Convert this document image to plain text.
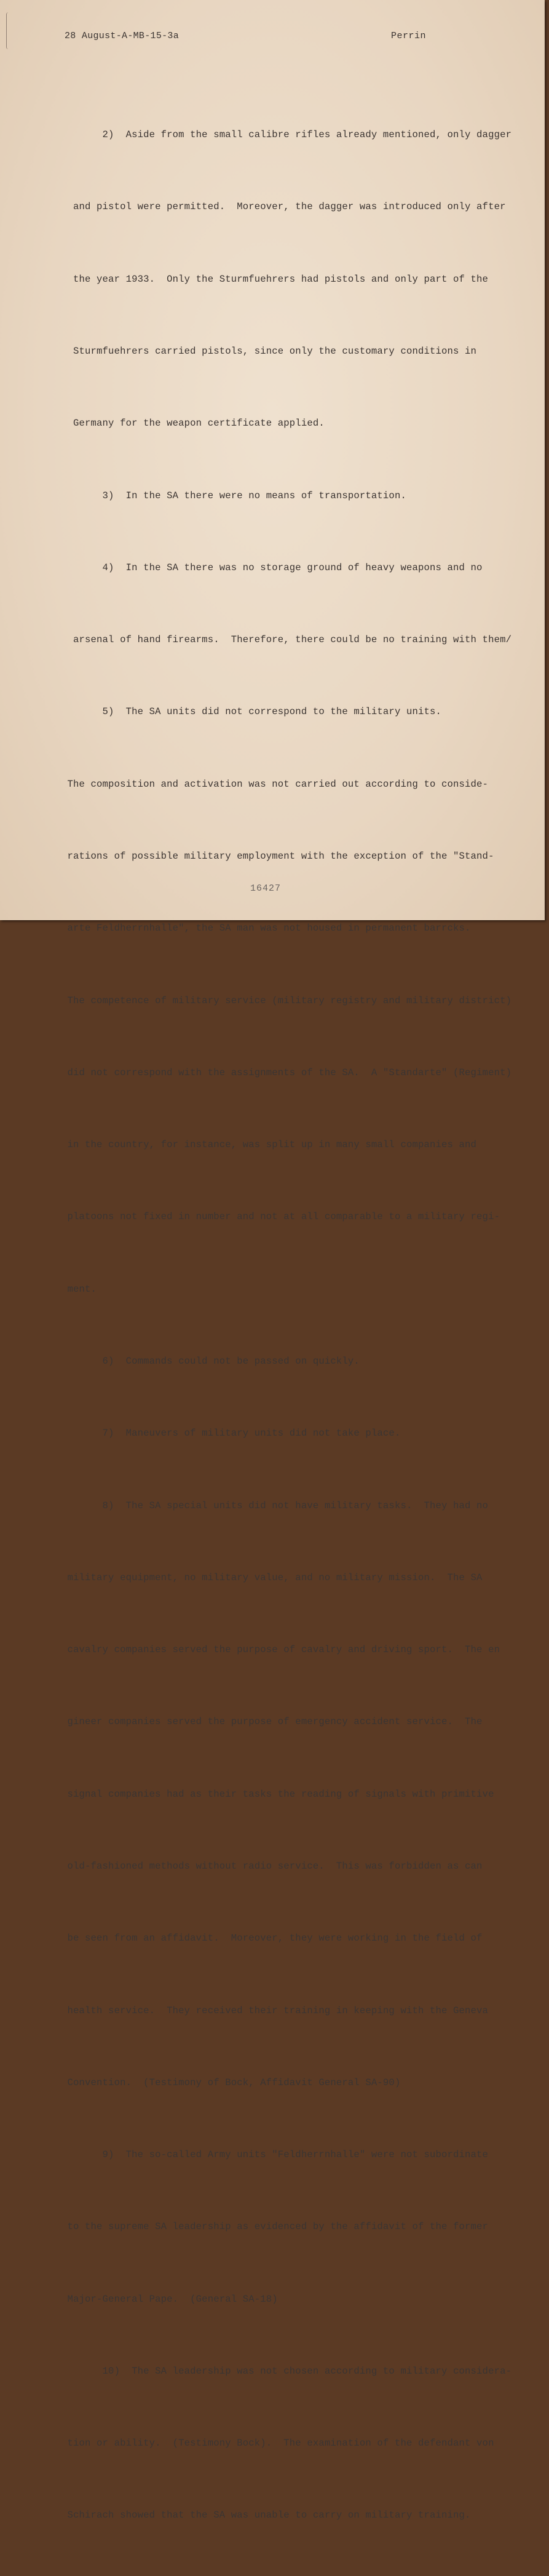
28 August-A-MB-15-3a	Perrin

2)  Aside from the small calibre rifles already mentioned, only dagger

and pistol were permitted.  Moreover, the dagger was introduced only after

the year 1933.  Only the Sturmfuehrers had pistols and only part of the

Sturmfuehrers carried pistols, since only the customary conditions in

Germany for the weapon certificate applied.

3)  In the SA there were no means of transportation.

4)  In the SA there was no storage ground of heavy weapons and no

arsenal of hand firearms.  Therefore, there could be no training with them/

5)  The SA units did not correspond to the military units.

The composition and activation was not carried out according to conside-

rations of possible military employment with the exception of the "Stand-

arte Feldherrnhalle", the SA man was not housed in permanent barrcks.

The competence of military service (military registry and military district)

did not correspond with the assignments of the SA.  A "Standarte" (Regiment)

in the country, for instance, was split up in many small companies and

platoons not fixed in number and not at all comparable to a military regi-

ment.

6)  Commands could not be passed on quickly.

7)  Maneuvers of military units did not take place.

8)  The SA special units did not have military tasks.  They had no

military equipment, no military value, and no military mission.  The SA

cavalry companies served the purpose of cavalry and driving sport.  The en

gineer companies served the purpose of emergency accident service.  The

signal companies had as their tasks the reading of signals with primitive

old-fashioned methods without radio service.  This was forbidden as can

be seen from an affidavit.  Moreover, they were working in the field of

health service.  They received their training in keeping with the Geneva

Convention.  (Testimony of Bock, Affidavit General SA-90)

9)  The so-called Army units "Feldherrnhalle" were not subordinate

to the supreme SA leadership as evidenced by the affidavit of the former

Major-General Pape.  (General SA-18)

10)  The SA leadership was not chosen according to military considera-

tion or ability.  (Testimony Bock).  The examination of the defendant von

Schirach showed that the SA was unable to carry on military training.

16427
